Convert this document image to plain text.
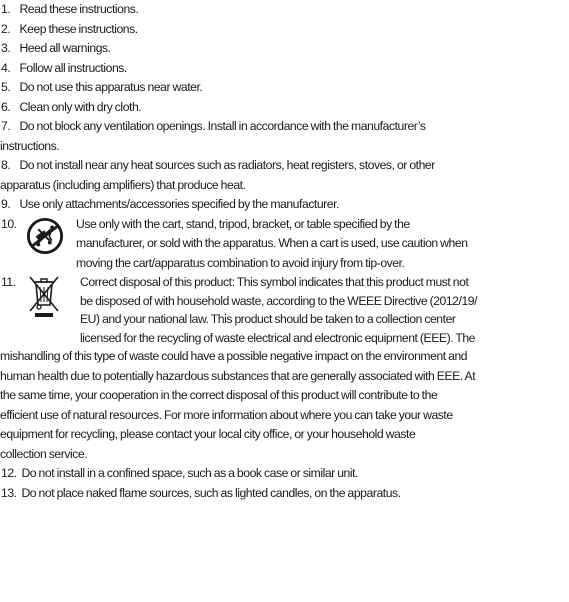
1. Read these instructions.
2. Keep these instructions.
3. Heed all warnings.
4. Follow all instructions.
5. Do not use this apparatus near water.
6. Clean only with dry cloth.
7. Do not block any ventilation openings. Install in accordance with the manufacturer’s
instructions.
8. Do not install near any heat sources such as radiators, heat registers, stoves, or other
apparatus (including amplifiers) that produce heat.
9. Use only attachments/accessories specified by the manufacturer.
10.	Use only with the cart, stand, tripod, bracket, or table specified by the
manufacturer, or sold with the apparatus. When a cart is used, use caution when
moving the cart/apparatus combination to avoid injury from tip-over.
11.	Correct disposal of this product: This symbol indicates that this product must not
be disposed of with household waste, according to the WEEE Directive (2012/19/
EU) and your national law. This product should be taken to a collection center
licensed for the recycling of waste electrical and electronic equipment (EEE). The
mishandling of this type of waste could have a possible negative impact on the environment and
human health due to potentially hazardous substances that are generally associated with EEE. At
the same time, your cooperation in the correct disposal of this product will contribute to the
efficient use of natural resources. For more information about where you can take your waste
equipment for recycling, please contact your local city office, or your household waste
collection service.
12. Do not install in a confined space, such as a book case or similar unit.
13. Do not place naked flame sources, such as lighted candles, on the apparatus.
